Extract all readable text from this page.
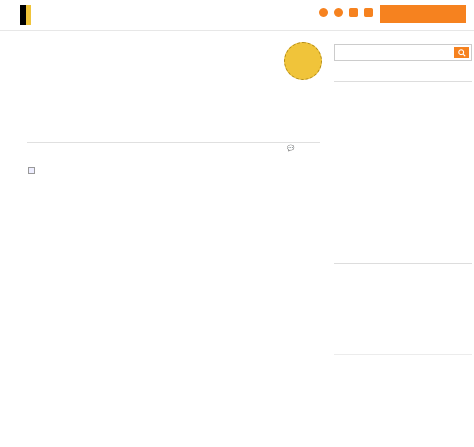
💬
